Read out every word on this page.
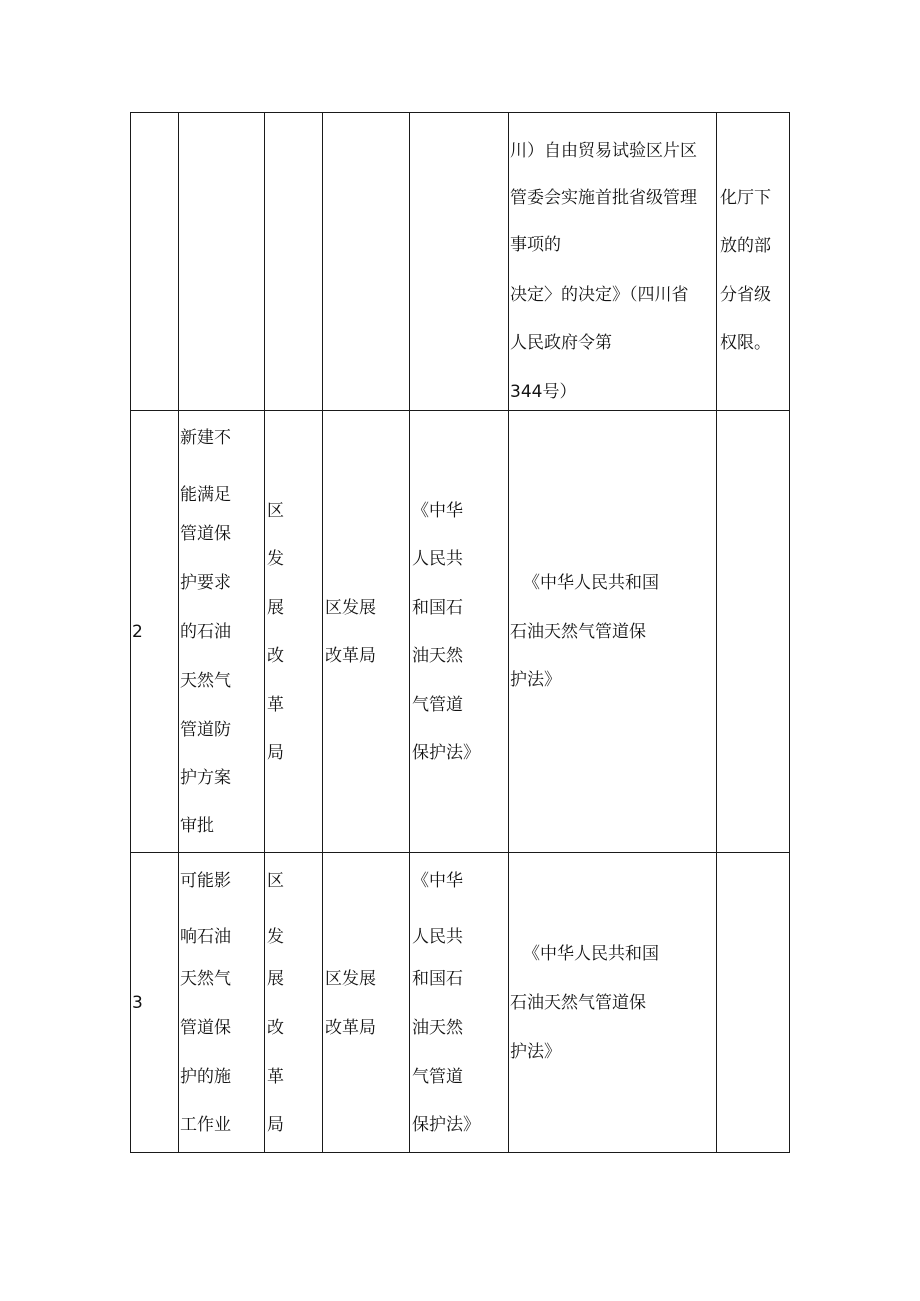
川）自由贸易试验区片区
管委会实施首批省级管理
事项的
决定〉的决定》（四川省
人民政府令第
344号）
化厅下
放的部
分省级
权限。
2
新建不
能满足
管道保
护要求
的石油
天然气
管道防
护方案
审批
区
发
展
改
革
局
区发展
改革局
《中华
人民共
和国石
油天然
气管道
保护法》
《中华人民共和国
石油天然气管道保
护法》
3
可能影
响石油
天然气
管道保
护的施
工作业
区
发
展
改
革
局
区发展
改革局
《中华
人民共
和国石
油天然
气管道
保护法》
《中华人民共和国
石油天然气管道保
护法》
